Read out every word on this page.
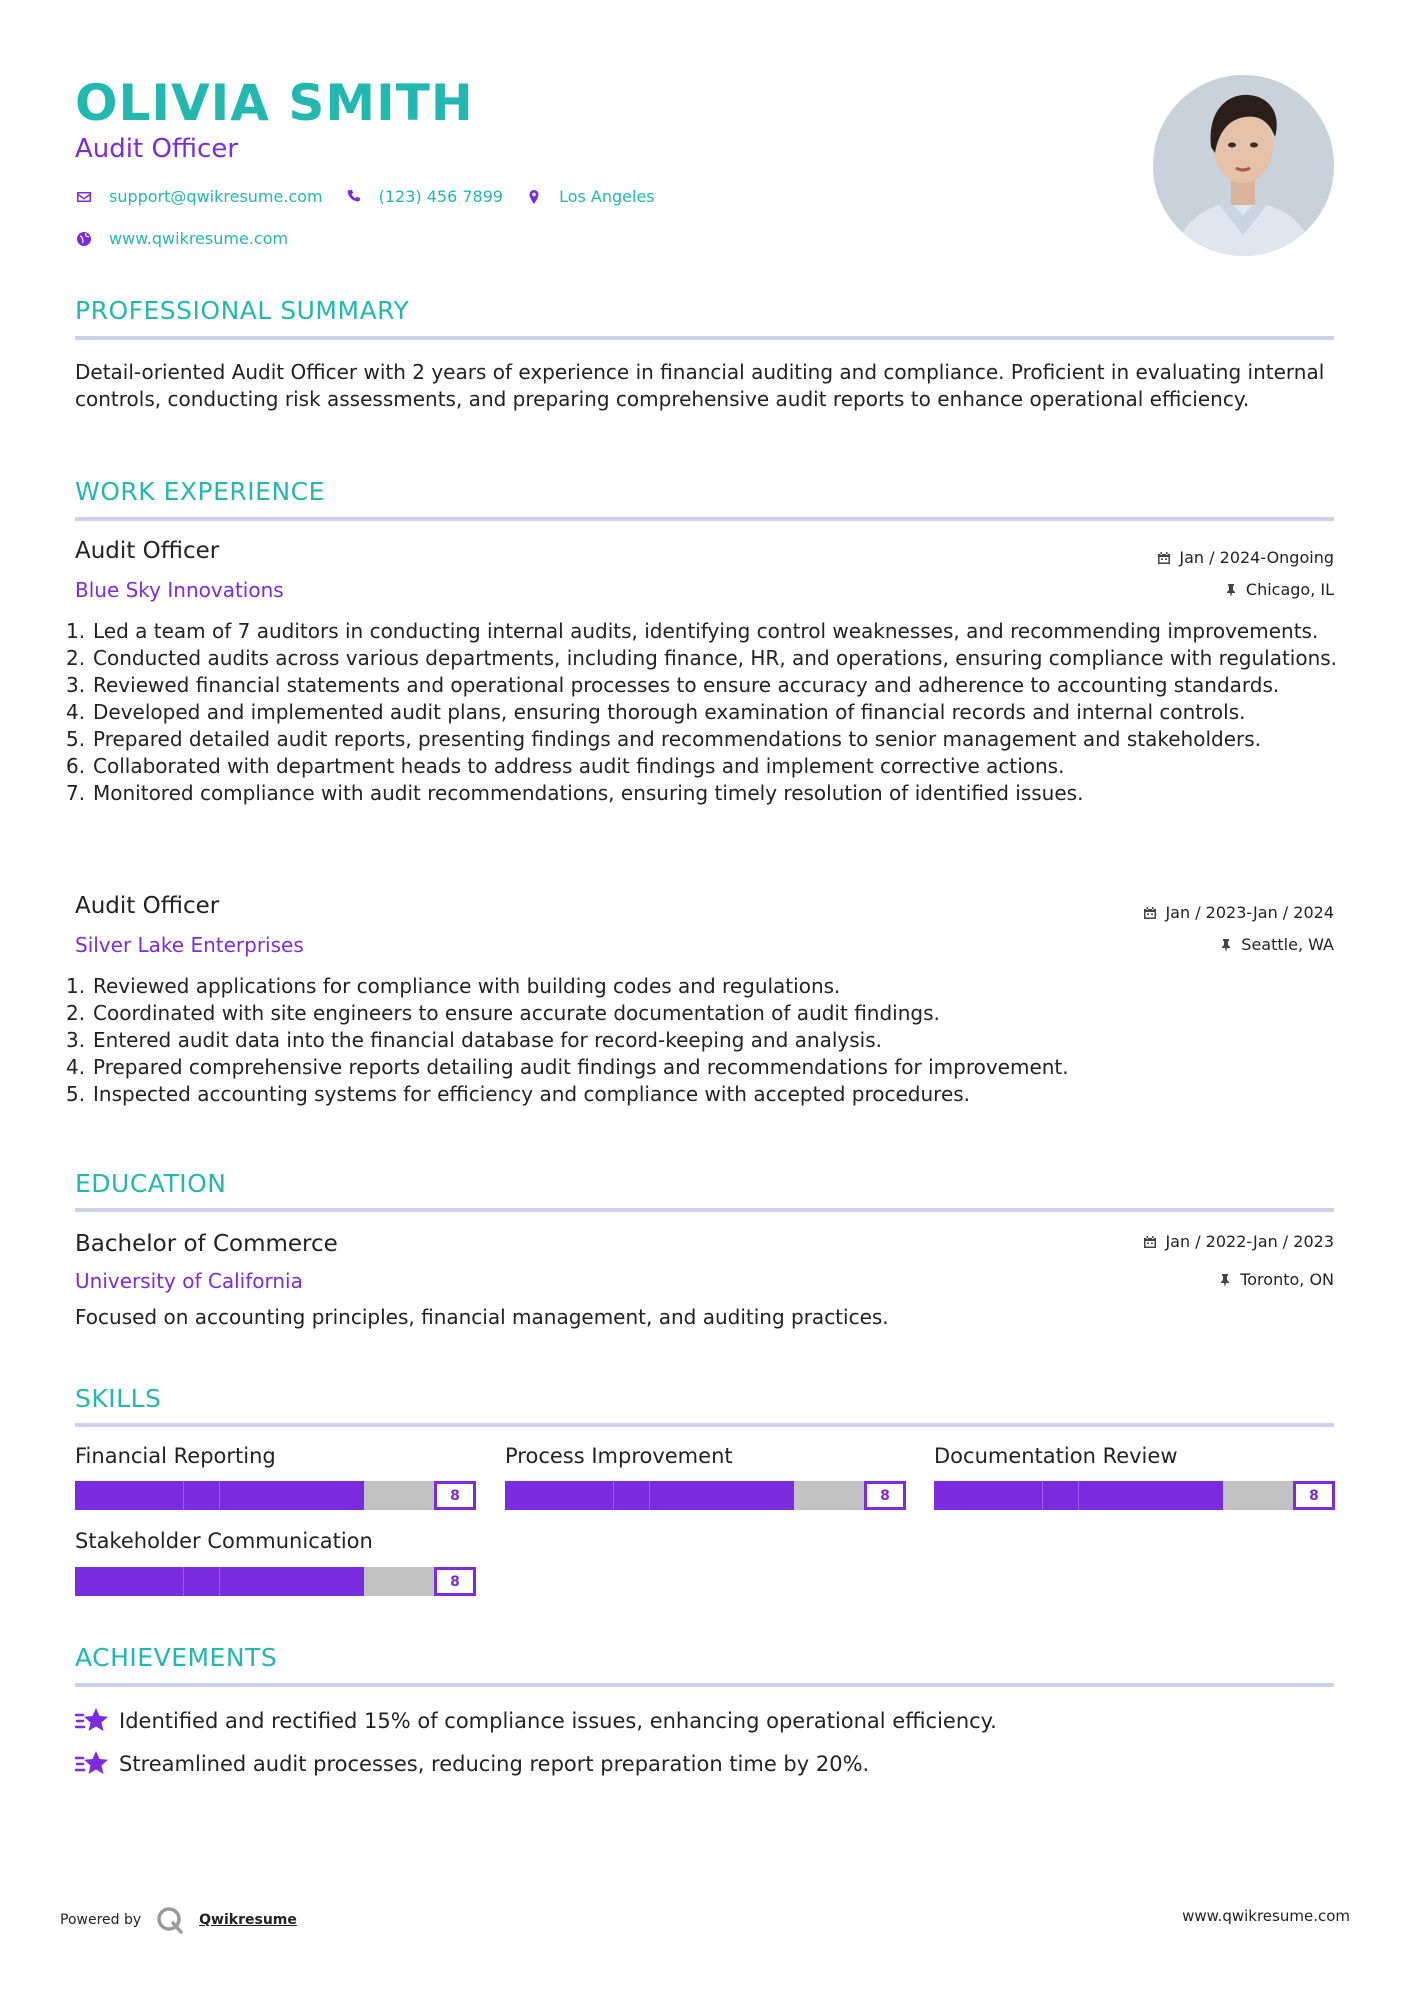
OLIVIA SMITH
Audit Officer
support@qwikresume.com	(123) 456 7899	Los Angeles
www.qwikresume.com
PROFESSIONAL SUMMARY
Detail-oriented Audit Officer with 2 years of experience in financial auditing and compliance. Proficient in evaluating internal controls, conducting risk assessments, and preparing comprehensive audit reports to enhance operational efficiency.
WORK EXPERIENCE
Audit Officer	Jan / 2024-Ongoing
Blue Sky Innovations	Chicago, IL
1. Led a team of 7 auditors in conducting internal audits, identifying control weaknesses, and recommending improvements.
2. Conducted audits across various departments, including finance, HR, and operations, ensuring compliance with regulations.
3. Reviewed financial statements and operational processes to ensure accuracy and adherence to accounting standards.
4. Developed and implemented audit plans, ensuring thorough examination of financial records and internal controls.
5. Prepared detailed audit reports, presenting findings and recommendations to senior management and stakeholders.
6. Collaborated with department heads to address audit findings and implement corrective actions.
7. Monitored compliance with audit recommendations, ensuring timely resolution of identified issues.
Audit Officer	Jan / 2023-Jan / 2024
Silver Lake Enterprises	Seattle, WA
1. Reviewed applications for compliance with building codes and regulations.
2. Coordinated with site engineers to ensure accurate documentation of audit findings.
3. Entered audit data into the financial database for record-keeping and analysis.
4. Prepared comprehensive reports detailing audit findings and recommendations for improvement.
5. Inspected accounting systems for efficiency and compliance with accepted procedures.
EDUCATION
Bachelor of Commerce	Jan / 2022-Jan / 2023
University of California	Toronto, ON
Focused on accounting principles, financial management, and auditing practices.
SKILLS
Financial Reporting
8
Process Improvement
8
Documentation Review
8
Stakeholder Communication
8
ACHIEVEMENTS
Identified and rectified 15% of compliance issues, enhancing operational efficiency.
Streamlined audit processes, reducing report preparation time by 20%.
Powered by	Qwikresume	www.qwikresume.com
